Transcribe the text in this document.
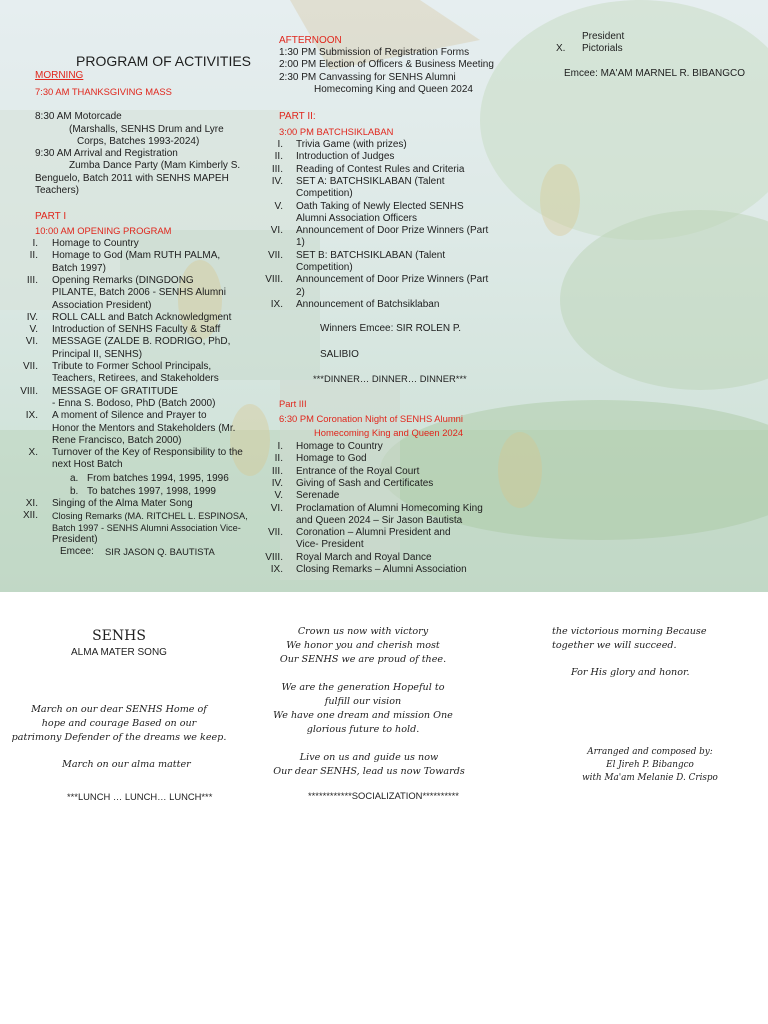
PROGRAM OF ACTIVITIES
MORNING
7:30 AM THANKSGIVING MASS
8:30 AM Motorcade
(Marshalls, SENHS Drum and Lyre
Corps, Batches 1993-2024)
9:30 AM Arrival and Registration
Zumba Dance Party (Mam Kimberly S.
Benguelo, Batch 2011 with SENHS MAPEH
Teachers)
PART I
10:00 AM OPENING PROGRAM
a. From batches 1994, 1995, 1996
b. To batches 1997, 1998, 1999
XI. Singing of the Alma Mater Song
XII. Closing Remarks (MA. RITCHEL L. ESPINOSA,
Batch 1997 - SENHS Alumni Association Vice-
President)
Emcee: SIR JASON Q. BAUTISTA
AFTERNOON
Homecoming King and Queen 2024
PART II:
3:00 PM BATCHSIKLABAN
Winners Emcee: SIR ROLEN P.
SALIBIO
***DINNER… DINNER… DINNER***
Part III
6:30 PM Coronation Night of SENHS Alumni
Homecoming King and Queen 2024
President
X. Pictorials
Emcee: MA'AM MARNEL R. BIBANGCO
SENHS
ALMA MATER SONG
March on our alma matter
***LUNCH … LUNCH… LUNCH***	************SOCIALIZATION**********
For His glory and honor.
I. Homage to Country
II. Homage to God (Mam RUTH PALMA,
Batch 1997)
III. Opening Remarks (DINGDONG
PILANTE, Batch 2006 - SENHS Alumni
Association President)
IV. ROLL CALL and Batch Acknowledgment
V. Introduction of SENHS Faculty & Staff
VI. MESSAGE (ZALDE B. RODRIGO, PhD,
Principal II, SENHS)
VII. Tribute to Former School Principals,
Teachers, Retirees, and Stakeholders
VIII. MESSAGE OF GRATITUDE
- Enna S. Bodoso, PhD (Batch 2000)
IX. A moment of Silence and Prayer to
Honor the Mentors and Stakeholders (Mr.
Rene Francisco, Batch 2000)
X. Turnover of the Key of Responsibility to the
next Host Batch
1:30 PM Submission of Registration Forms
2:00 PM Election of Officers & Business Meeting
2:30 PM Canvassing for SENHS Alumni
I. Trivia Game (with prizes)
II. Introduction of Judges
III. Reading of Contest Rules and Criteria
IV. SET A: BATCHSIKLABAN (Talent
Competition)
V. Oath Taking of Newly Elected SENHS
Alumni Association Officers
VI. Announcement of Door Prize Winners (Part
1)
VII. SET B: BATCHSIKLABAN (Talent
Competition)
VIII. Announcement of Door Prize Winners (Part
2)
IX. Announcement of Batchsiklaban
I. Homage to Country
II. Homage to God
III. Entrance of the Royal Court
IV. Giving of Sash and Certificates
V. Serenade
VI. Proclamation of Alumni Homecoming King
and Queen 2024 – Sir Jason Bautista
VII. Coronation – Alumni President and
Vice- President
VIII. Royal March and Royal Dance
IX. Closing Remarks – Alumni Association
March on our dear SENHS Home of
hope and courage Based on our
patrimony Defender of the dreams we keep.
Crown us now with victory
We honor you and cherish most
Our SENHS we are proud of thee.
We are the generation Hopeful to
fulfill our vision
We have one dream and mission One
glorious future to hold.
Live on us and guide us now
Our dear SENHS, lead us now Towards
the victorious morning Because
together we will succeed.
Arranged and composed by:
El Jireh P. Bibangco
with Ma'am Melanie D. Crispo
